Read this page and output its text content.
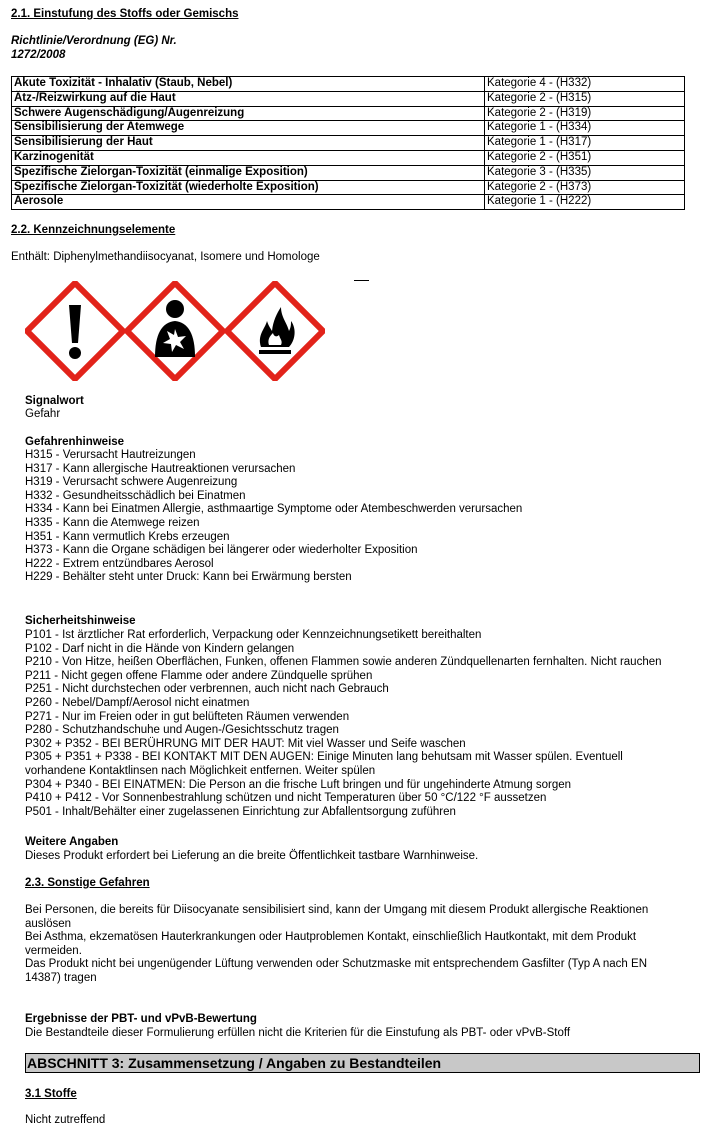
2.1. Einstufung des Stoffs oder Gemischs
Richtlinie/Verordnung (EG) Nr.
1272/2008
Akute Toxizität - Inhalativ (Staub, Nebel)	Kategorie 4 - (H332)
Ätz-/Reizwirkung auf die Haut	Kategorie 2 - (H315)
Schwere Augenschädigung/Augenreizung	Kategorie 2 - (H319)
Sensibilisierung der Atemwege	Kategorie 1 - (H334)
Sensibilisierung der Haut	Kategorie 1 - (H317)
Karzinogenität	Kategorie 2 - (H351)
Spezifische Zielorgan-Toxizität (einmalige Exposition)	Kategorie 3 - (H335)
Spezifische Zielorgan-Toxizität (wiederholte Exposition)	Kategorie 2 - (H373)
Aerosole	Kategorie 1 - (H222)
2.2. Kennzeichnungselemente
Enthält: Diphenylmethandiisocyanat, Isomere und Homologe
Signalwort
Gefahr
Gefahrenhinweise
H315 - Verursacht Hautreizungen
H317 - Kann allergische Hautreaktionen verursachen
H319 - Verursacht schwere Augenreizung
H332 - Gesundheitsschädlich bei Einatmen
H334 - Kann bei Einatmen Allergie, asthmaartige Symptome oder Atembeschwerden verursachen
H335 - Kann die Atemwege reizen
H351 - Kann vermutlich Krebs erzeugen
H373 - Kann die Organe schädigen bei längerer oder wiederholter Exposition
H222 - Extrem entzündbares Aerosol
H229 - Behälter steht unter Druck: Kann bei Erwärmung bersten
Sicherheitshinweise
P101 - Ist ärztlicher Rat erforderlich, Verpackung oder Kennzeichnungsetikett bereithalten
P102 - Darf nicht in die Hände von Kindern gelangen
P210 - Von Hitze, heißen Oberflächen, Funken, offenen Flammen sowie anderen Zündquellenarten fernhalten. Nicht rauchen
P211 - Nicht gegen offene Flamme oder andere Zündquelle sprühen
P251 - Nicht durchstechen oder verbrennen, auch nicht nach Gebrauch
P260 - Nebel/Dampf/Aerosol nicht einatmen
P271 - Nur im Freien oder in gut belüfteten Räumen verwenden
P280 - Schutzhandschuhe und Augen-/Gesichtsschutz tragen
P302 + P352 - BEI BERÜHRUNG MIT DER HAUT: Mit viel Wasser und Seife waschen
P305 + P351 + P338 - BEI KONTAKT MIT DEN AUGEN: Einige Minuten lang behutsam mit Wasser spülen. Eventuell
vorhandene Kontaktlinsen nach Möglichkeit entfernen. Weiter spülen
P304 + P340 - BEI EINATMEN: Die Person an die frische Luft bringen und für ungehinderte Atmung sorgen
P410 + P412 - Vor Sonnenbestrahlung schützen und nicht Temperaturen über 50 °C/122 °F aussetzen
P501 - Inhalt/Behälter einer zugelassenen Einrichtung zur Abfallentsorgung zuführen
Weitere Angaben
Dieses Produkt erfordert bei Lieferung an die breite Öffentlichkeit tastbare Warnhinweise.
2.3. Sonstige Gefahren
Bei Personen, die bereits für Diisocyanate sensibilisiert sind, kann der Umgang mit diesem Produkt allergische Reaktionen
auslösen
Bei Asthma, ekzematösen Hauterkrankungen oder Hautproblemen Kontakt, einschließlich Hautkontakt, mit dem Produkt
vermeiden.
Das Produkt nicht bei ungenügender Lüftung verwenden oder Schutzmaske mit entsprechendem Gasfilter (Typ A nach EN
14387) tragen
Ergebnisse der PBT- und vPvB-Bewertung
Die Bestandteile dieser Formulierung erfüllen nicht die Kriterien für die Einstufung als PBT- oder vPvB-Stoff
ABSCHNITT 3: Zusammensetzung / Angaben zu Bestandteilen
3.1 Stoffe
Nicht zutreffend
